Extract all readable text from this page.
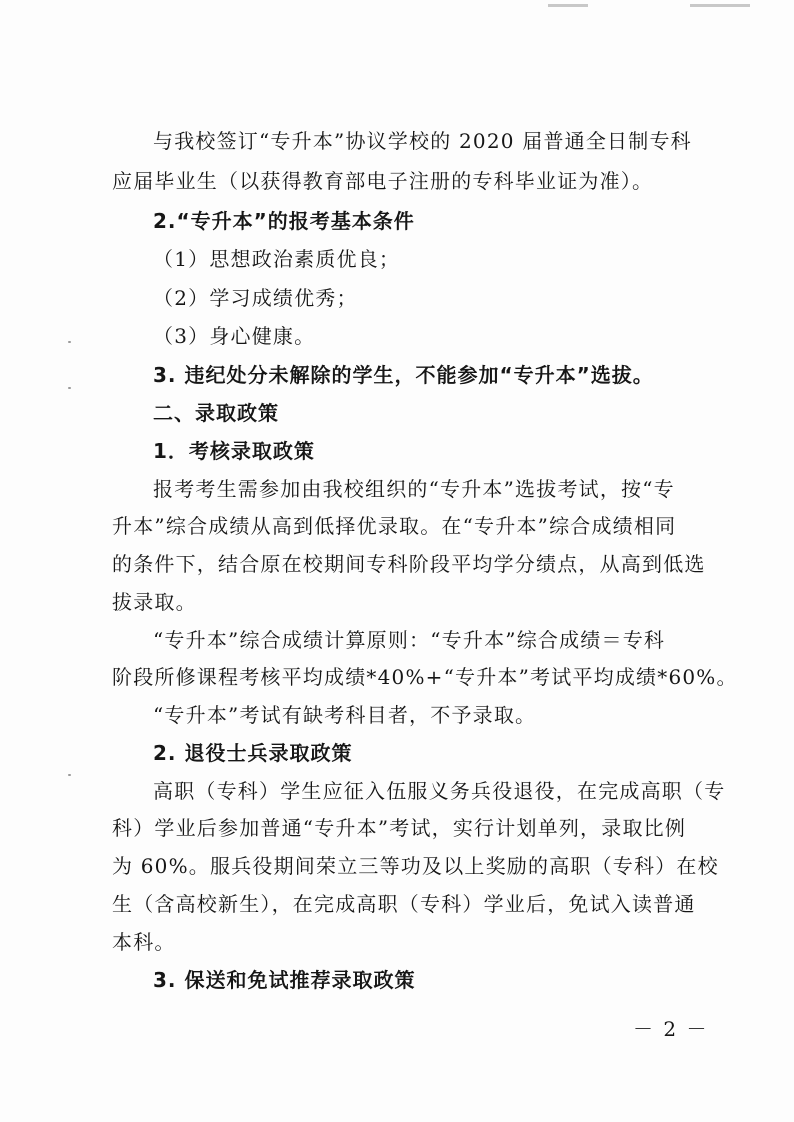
与我校签订“专升本”协议学校的 2020 届普通全日制专科
应届毕业生（以获得教育部电子注册的专科毕业证为准）。
2.“专升本”的报考基本条件
（1）思想政治素质优良；
（2）学习成绩优秀；
（3）身心健康。
3. 违纪处分未解除的学生，不能参加“专升本”选拔。
二、录取政策
1．考核录取政策
报考考生需参加由我校组织的“专升本”选拔考试，按“专
升本”综合成绩从高到低择优录取。在“专升本”综合成绩相同
的条件下，结合原在校期间专科阶段平均学分绩点，从高到低选
拔录取。
“专升本”综合成绩计算原则：“专升本”综合成绩＝专科
阶段所修课程考核平均成绩*40%+“专升本”考试平均成绩*60%。
“专升本”考试有缺考科目者，不予录取。
2. 退役士兵录取政策
高职（专科）学生应征入伍服义务兵役退役，在完成高职（专
科）学业后参加普通“专升本”考试，实行计划单列，录取比例
为 60%。服兵役期间荣立三等功及以上奖励的高职（专科）在校
生（含高校新生），在完成高职（专科）学业后，免试入读普通
本科。
3. 保送和免试推荐录取政策
－ 2 －
